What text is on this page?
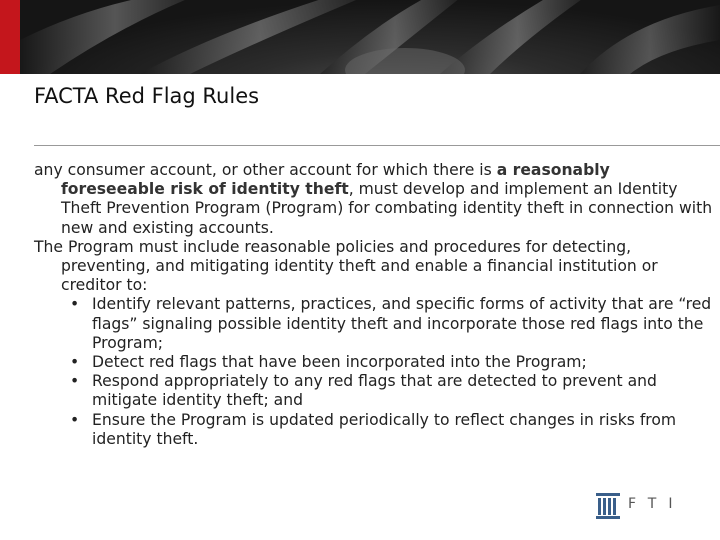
FACTA Red Flag Rules

any consumer account, or other account for which there is a reasonably foreseeable risk of identity theft, must develop and implement an Identity Theft Prevention Program (Program) for combating identity theft in connection with new and existing accounts.

The Program must include reasonable policies and procedures for detecting, preventing, and mitigating identity theft and enable a financial institution or creditor to:

• Identify relevant patterns, practices, and specific forms of activity that are “red flags” signaling possible identity theft and incorporate those red flags into the Program;
• Detect red flags that have been incorporated into the Program;
• Respond appropriately to any red flags that are detected to prevent and mitigate identity theft; and
• Ensure the Program is updated periodically to reflect changes in risks from identity theft.
FTI
